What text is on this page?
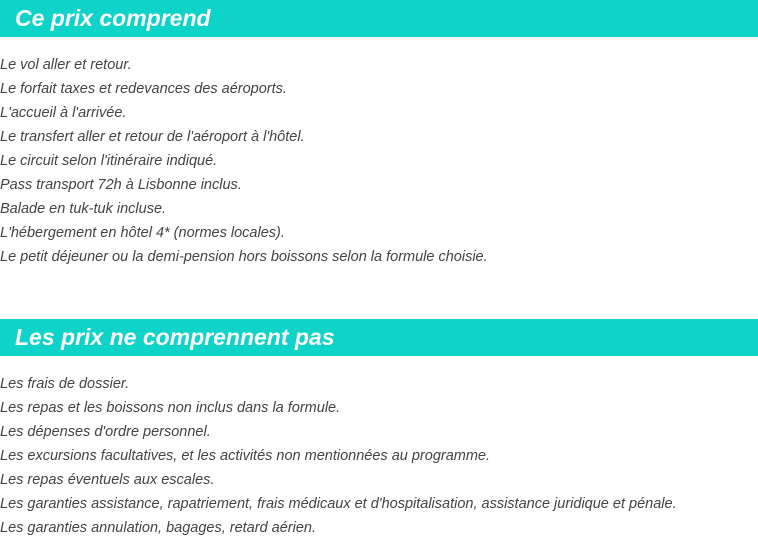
Ce prix comprend
Le vol aller et retour.
Le forfait taxes et redevances des aéroports.
L'accueil à l'arrivée.
Le transfert aller et retour de l'aéroport à l'hôtel.
Le circuit selon l'itinéraire indiqué.
Pass transport 72h à Lisbonne inclus.
Balade en tuk-tuk incluse.
L'hébergement en hôtel 4* (normes locales).
Le petit déjeuner ou la demi-pension hors boissons selon la formule choisie.
Les prix ne comprennent pas
Les frais de dossier.
Les repas et les boissons non inclus dans la formule.
Les dépenses d'ordre personnel.
Les excursions facultatives, et les activités non mentionnées au programme.
Les repas éventuels aux escales.
Les garanties assistance, rapatriement, frais médicaux et d'hospitalisation, assistance juridique et pénale.
Les garanties annulation, bagages, retard aérien.
